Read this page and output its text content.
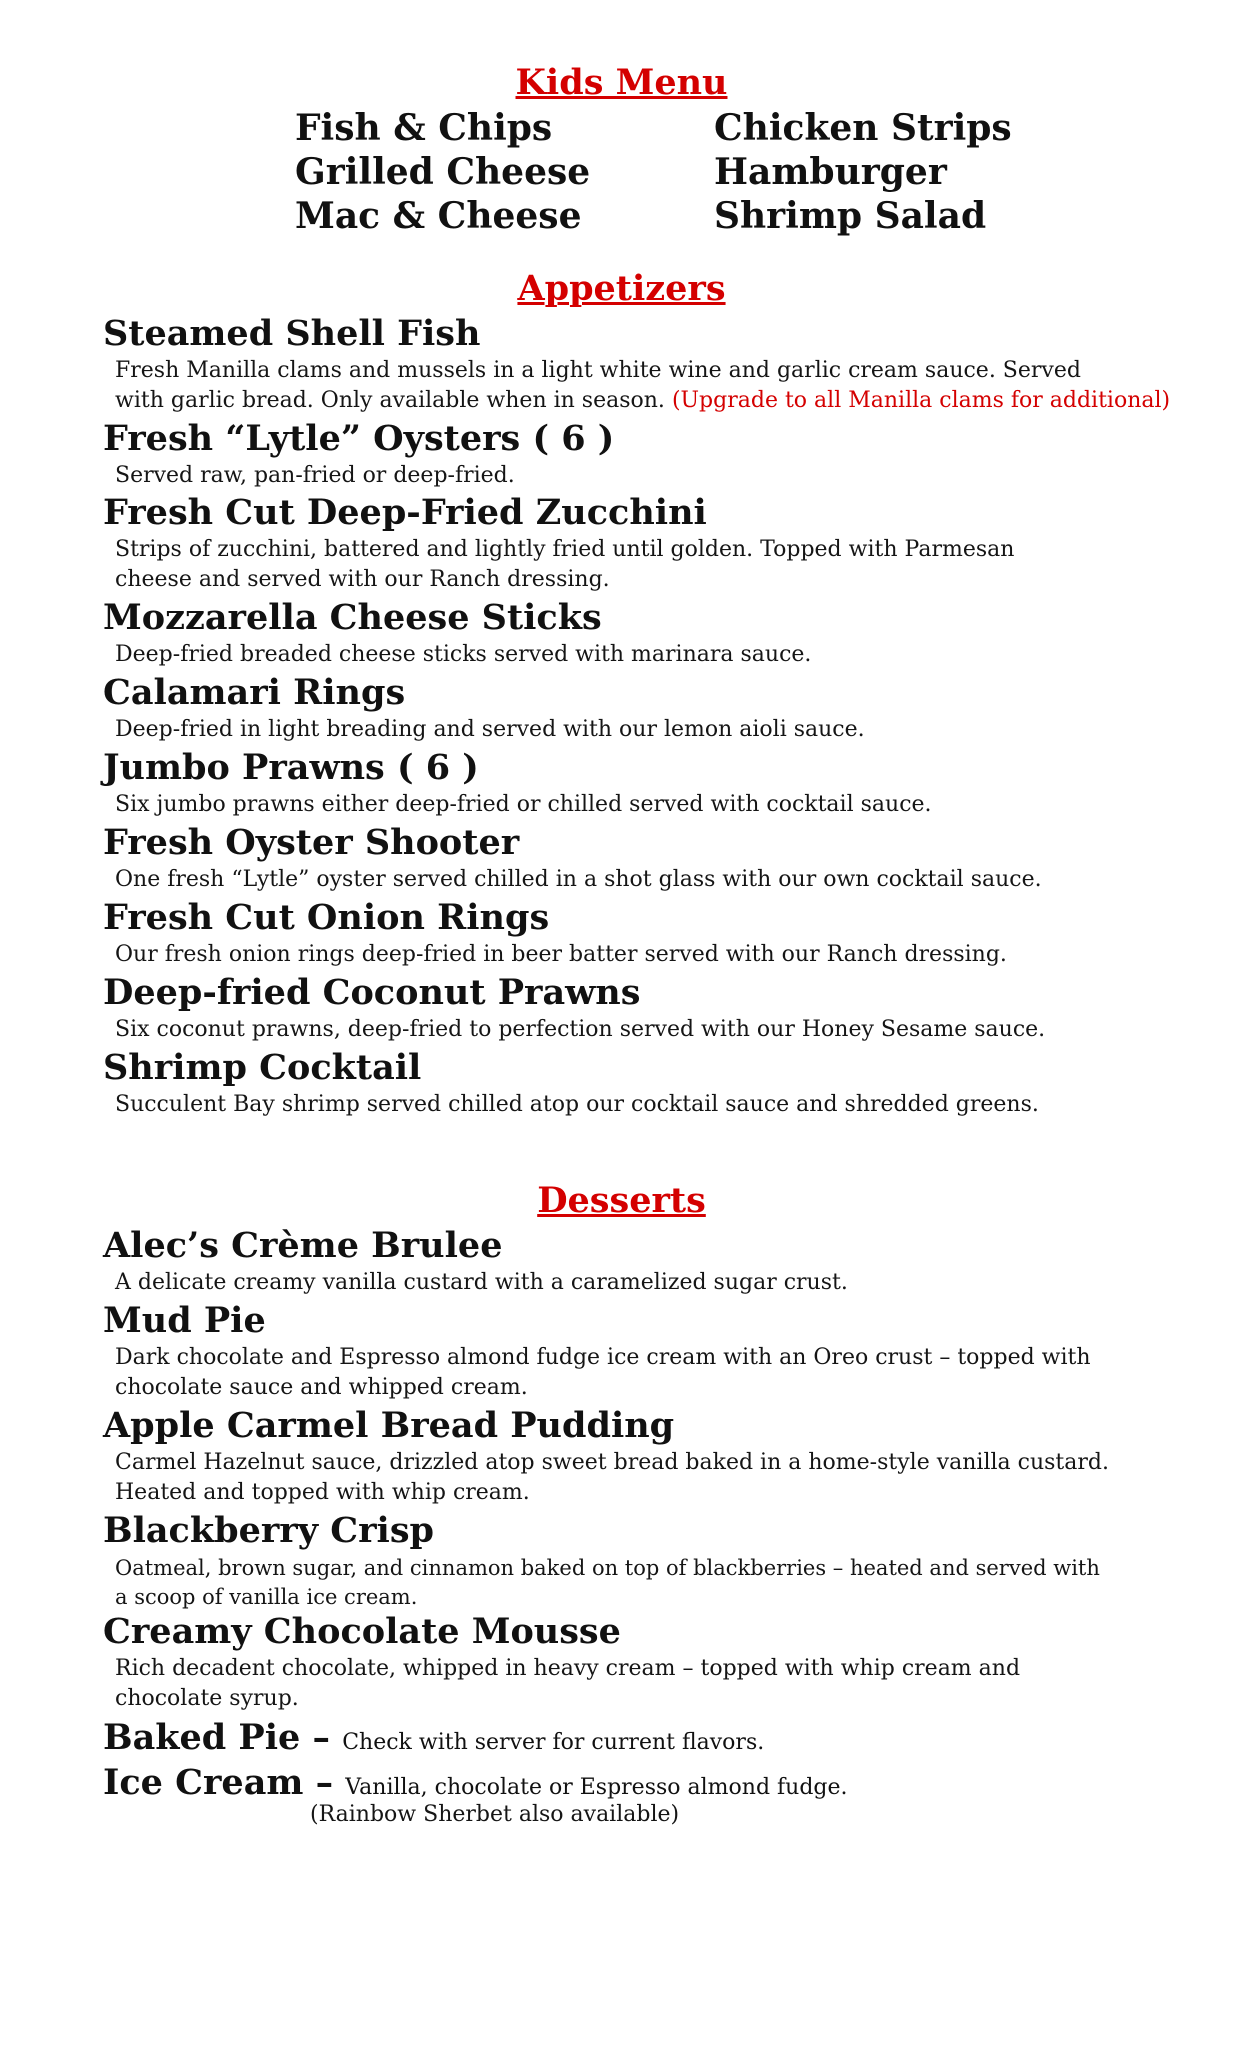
Kids Menu
Fish & Chips
Grilled Cheese
Mac & Cheese
Chicken Strips
Hamburger
Shrimp Salad
Appetizers
Steamed Shell Fish
Fresh Manilla clams and mussels in a light white wine and garlic cream sauce. Served
with garlic bread. Only available when in season. (Upgrade to all Manilla clams for additional)
Fresh “Lytle” Oysters ( 6 )
Served raw, pan-fried or deep-fried.
Fresh Cut Deep-Fried Zucchini
Strips of zucchini, battered and lightly fried until golden. Topped with Parmesan
cheese and served with our Ranch dressing.
Mozzarella Cheese Sticks
Deep-fried breaded cheese sticks served with marinara sauce.
Calamari Rings
Deep-fried in light breading and served with our lemon aioli sauce.
Jumbo Prawns ( 6 )
Six jumbo prawns either deep-fried or chilled served with cocktail sauce.
Fresh Oyster Shooter
One fresh “Lytle” oyster served chilled in a shot glass with our own cocktail sauce.
Fresh Cut Onion Rings
Our fresh onion rings deep-fried in beer batter served with our Ranch dressing.
Deep-fried Coconut Prawns
Six coconut prawns, deep-fried to perfection served with our Honey Sesame sauce.
Shrimp Cocktail
Succulent Bay shrimp served chilled atop our cocktail sauce and shredded greens.
Desserts
Alec’s Crème Brulee
A delicate creamy vanilla custard with a caramelized sugar crust.
Mud Pie
Dark chocolate and Espresso almond fudge ice cream with an Oreo crust – topped with
chocolate sauce and whipped cream.
Apple Carmel Bread Pudding
Carmel Hazelnut sauce, drizzled atop sweet bread baked in a home-style vanilla custard.
Heated and topped with whip cream.
Blackberry Crisp
Oatmeal, brown sugar, and cinnamon baked on top of blackberries – heated and served with
a scoop of vanilla ice cream.
Creamy Chocolate Mousse
Rich decadent chocolate, whipped in heavy cream – topped with whip cream and
chocolate syrup.
Baked Pie – Check with server for current flavors.
Ice Cream – Vanilla, chocolate or Espresso almond fudge.
(Rainbow Sherbet also available)
